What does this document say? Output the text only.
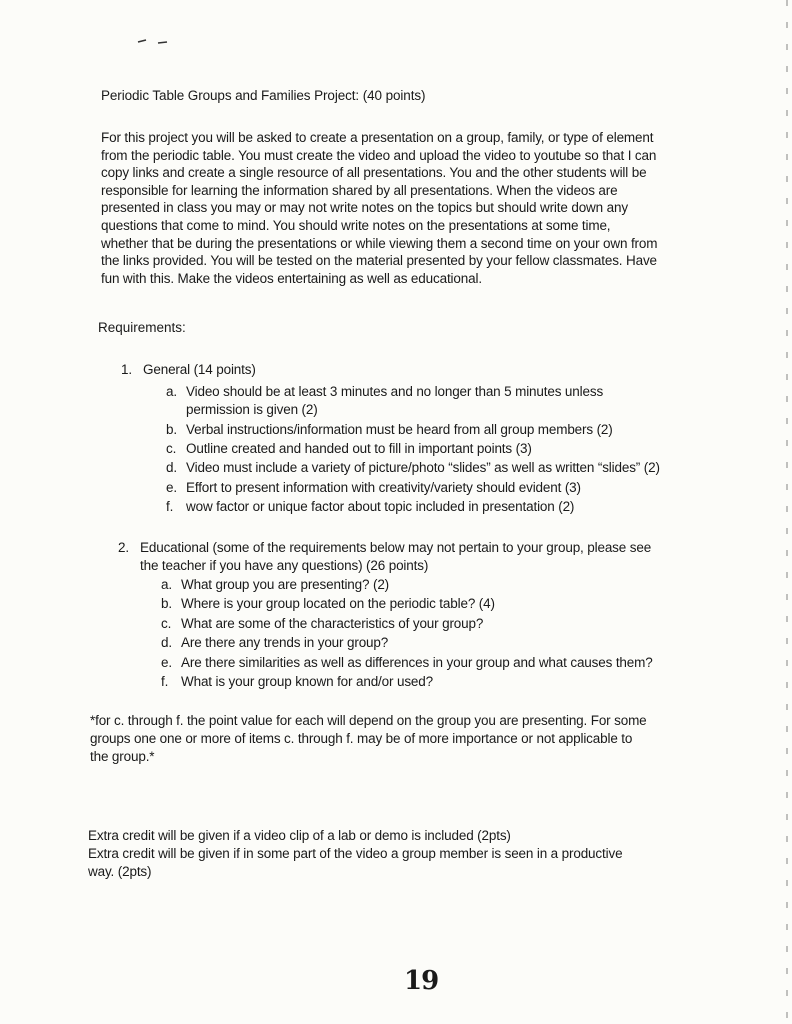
Periodic Table Groups and Families Project: (40 points)
For this project you will be asked to create a presentation on a group, family, or type of element
from the periodic table. You must create the video and upload the video to youtube so that I can
copy links and create a single resource of all presentations. You and the other students will be
responsible for learning the information shared by all presentations. When the videos are
presented in class you may or may not write notes on the topics but should write down any
questions that come to mind. You should write notes on the presentations at some time,
whether that be during the presentations or while viewing them a second time on your own from
the links provided. You will be tested on the material presented by your fellow classmates. Have
fun with this. Make the videos entertaining as well as educational.
Requirements:
1. General (14 points)
a. Video should be at least 3 minutes and no longer than 5 minutes unless
permission is given (2)
b. Verbal instructions/information must be heard from all group members (2)
c. Outline created and handed out to fill in important points (3)
d. Video must include a variety of picture/photo “slides” as well as written “slides” (2)
e. Effort to present information with creativity/variety should evident (3)
f. wow factor or unique factor about topic included in presentation (2)
2. Educational (some of the requirements below may not pertain to your group, please see
the teacher if you have any questions) (26 points)
a. What group you are presenting? (2)
b. Where is your group located on the periodic table? (4)
c. What are some of the characteristics of your group?
d. Are there any trends in your group?
e. Are there similarities as well as differences in your group and what causes them?
f. What is your group known for and/or used?
*for c. through f. the point value for each will depend on the group you are presenting. For some
groups one one or more of items c. through f. may be of more importance or not applicable to
the group.*
Extra credit will be given if a video clip of a lab or demo is included (2pts)
Extra credit will be given if in some part of the video a group member is seen in a productive
way. (2pts)
19
